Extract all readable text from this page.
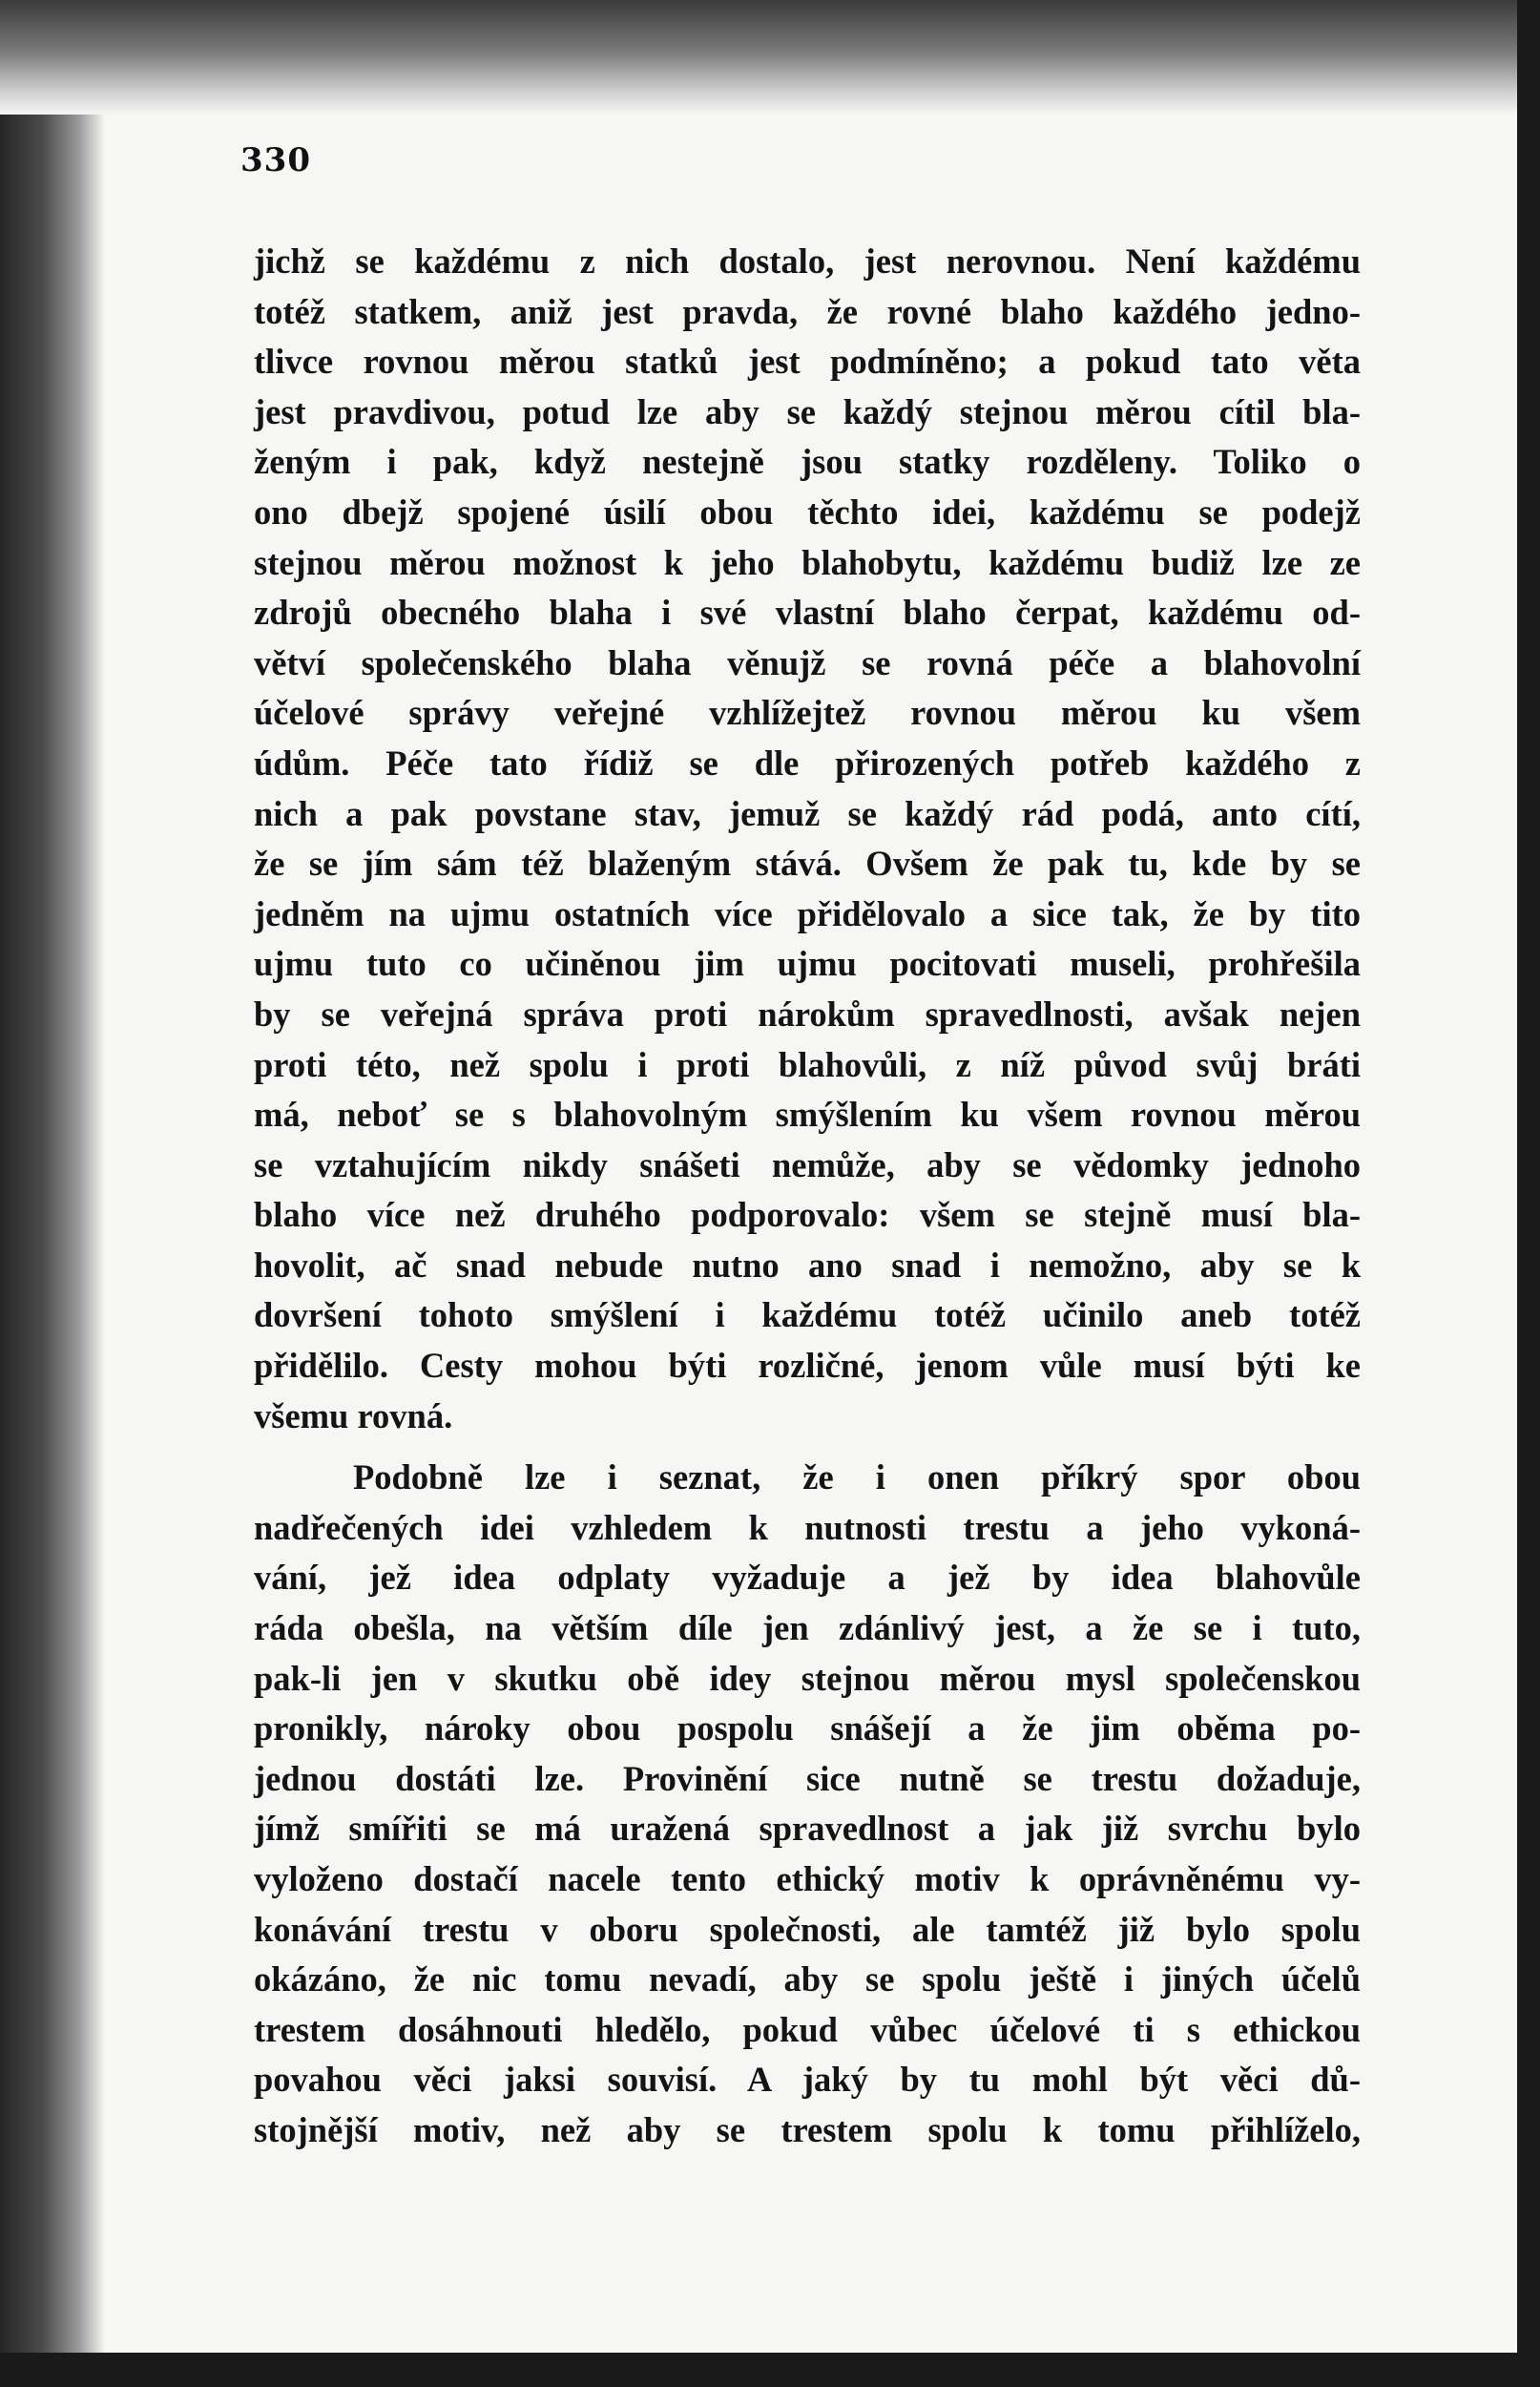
330
jichž se každému z nich dostalo, jest nerovnou. Není každému
totéž statkem, aniž jest pravda, že rovné blaho každého jedno-
tlivce rovnou měrou statků jest podmíněno; a pokud tato věta
jest pravdivou, potud lze aby se každý stejnou měrou cítil bla-
ženým i pak, když nestejně jsou statky rozděleny. Toliko o
ono dbejž spojené úsilí obou těchto idei, každému se podejž
stejnou měrou možnost k jeho blahobytu, každému budiž lze ze
zdrojů obecného blaha i své vlastní blaho čerpat, každému od-
větví společenského blaha věnujž se rovná péče a blahovolní
účelové správy veřejné vzhlížejtež rovnou měrou ku všem
údům. Péče tato řídiž se dle přirozených potřeb každého z
nich a pak povstane stav, jemuž se každý rád podá, anto cítí,
že se jím sám též blaženým stává. Ovšem že pak tu, kde by se
jedněm na ujmu ostatních více přidělovalo a sice tak, že by tito
ujmu tuto co učiněnou jim ujmu pocitovati museli, prohřešila
by se veřejná správa proti nárokům spravedlnosti, avšak nejen
proti této, než spolu i proti blahovůli, z níž původ svůj bráti
má, neboť se s blahovolným smýšlením ku všem rovnou měrou
se vztahujícím nikdy snášeti nemůže, aby se vědomky jednoho
blaho více než druhého podporovalo: všem se stejně musí bla-
hovolit, ač snad nebude nutno ano snad i nemožno, aby se k
dovršení tohoto smýšlení i každému totéž učinilo aneb totéž
přidělilo. Cesty mohou býti rozličné, jenom vůle musí býti ke
všemu rovná.
Podobně lze i seznat, že i onen příkrý spor obou
nadřečených idei vzhledem k nutnosti trestu a jeho vykoná-
vání, jež idea odplaty vyžaduje a jež by idea blahovůle
ráda obešla, na větším díle jen zdánlivý jest, a že se i tuto,
pak-li jen v skutku obě idey stejnou měrou mysl společenskou
pronikly, nároky obou pospolu snášejí a že jim oběma po-
jednou dostáti lze. Provinění sice nutně se trestu dožaduje,
jímž smířiti se má uražená spravedlnost a jak již svrchu bylo
vyloženo dostačí nacele tento ethický motiv k oprávněnému vy-
konávání trestu v oboru společnosti, ale tamtéž již bylo spolu
okázáno, že nic tomu nevadí, aby se spolu ještě i jiných účelů
trestem dosáhnouti hledělo, pokud vůbec účelové ti s ethickou
povahou věci jaksi souvisí. A jaký by tu mohl být věci dů-
stojnější motiv, než aby se trestem spolu k tomu přihlíželo,
